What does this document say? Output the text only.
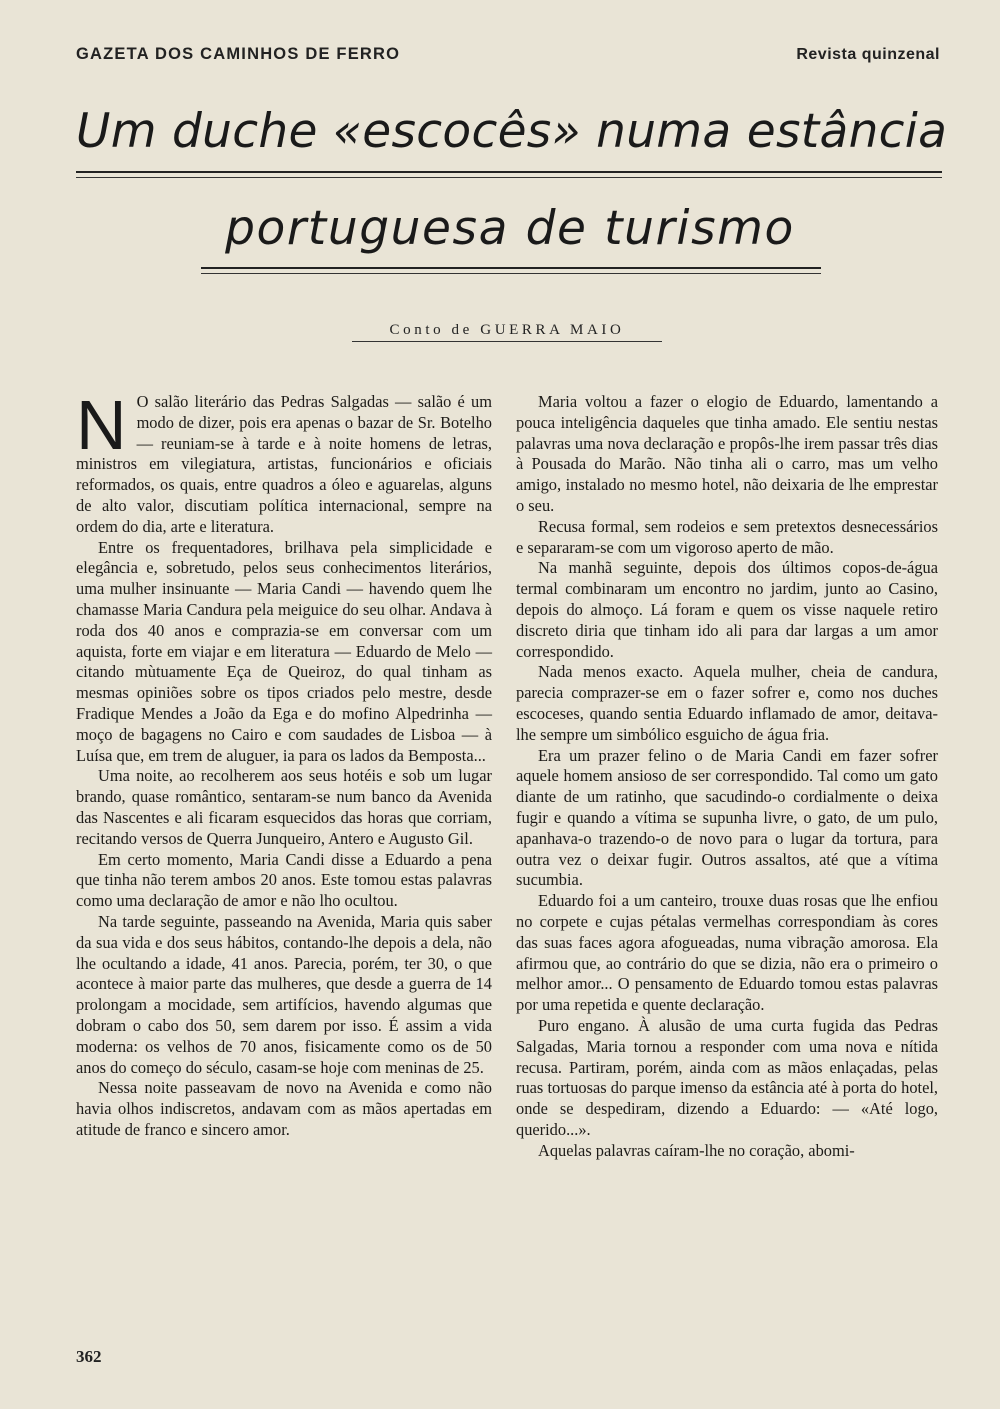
GAZETA DOS CAMINHOS DE FERRO	Revista quinzenal
Um duche «escocês» numa estância
portuguesa de turismo
Conto de GUERRA MAIO

N O salão literário das Pedras Salgadas — salão é um modo de dizer, pois era apenas o bazar de Sr. Botelho — reuniam-se à tarde e à noite homens de letras, ministros em vilegiatura, artistas, funcionários e oficiais reformados, os quais, entre quadros a óleo e aguarelas, alguns de alto valor, discutiam política internacional, sempre na ordem do dia, arte e literatura.

Entre os frequentadores, brilhava pela simplicidade e elegância e, sobretudo, pelos seus conhecimentos literários, uma mulher insinuante — Maria Candi — havendo quem lhe chamasse Maria Candura pela meiguice do seu olhar. Andava à roda dos 40 anos e comprazia-se em conversar com um aquista, forte em viajar e em literatura — Eduardo de Melo — citando mùtuamente Eça de Queiroz, do qual tinham as mesmas opiniões sobre os tipos criados pelo mestre, desde Fradique Mendes a João da Ega e do mofino Alpedrinha — moço de bagagens no Cairo e com saudades de Lisboa — à Luísa que, em trem de aluguer, ia para os lados da Bemposta...

Uma noite, ao recolherem aos seus hotéis e sob um lugar brando, quase romântico, sentaram-se num banco da Avenida das Nascentes e ali ficaram esquecidos das horas que corriam, recitando versos de Querra Junqueiro, Antero e Augusto Gil.

Em certo momento, Maria Candi disse a Eduardo a pena que tinha não terem ambos 20 anos. Este tomou estas palavras como uma declaração de amor e não lho ocultou.

Na tarde seguinte, passeando na Avenida, Maria quis saber da sua vida e dos seus hábitos, contando-lhe depois a dela, não lhe ocultando a idade, 41 anos. Parecia, porém, ter 30, o que acontece à maior parte das mulheres, que desde a guerra de 14 prolongam a mocidade, sem artifícios, havendo algumas que dobram o cabo dos 50, sem darem por isso. É assim a vida moderna: os velhos de 70 anos, fisicamente como os de 50 anos do começo do século, casam-se hoje com meninas de 25.

Nessa noite passeavam de novo na Avenida e como não havia olhos indiscretos, andavam com as mãos apertadas em atitude de franco e sincero amor.

Maria voltou a fazer o elogio de Eduardo, lamentando a pouca inteligência daqueles que tinha amado. Ele sentiu nestas palavras uma nova declaração e propôs-lhe irem passar três dias à Pousada do Marão. Não tinha ali o carro, mas um velho amigo, instalado no mesmo hotel, não deixaria de lhe emprestar o seu.

Recusa formal, sem rodeios e sem pretextos desnecessários e separaram-se com um vigoroso aperto de mão.

Na manhã seguinte, depois dos últimos copos-de-água termal combinaram um encontro no jardim, junto ao Casino, depois do almoço. Lá foram e quem os visse naquele retiro discreto diria que tinham ido ali para dar largas a um amor correspondido.

Nada menos exacto. Aquela mulher, cheia de candura, parecia comprazer-se em o fazer sofrer e, como nos duches escoceses, quando sentia Eduardo inflamado de amor, deitava-lhe sempre um simbólico esguicho de água fria.

Era um prazer felino o de Maria Candi em fazer sofrer aquele homem ansioso de ser correspondido. Tal como um gato diante de um ratinho, que sacudindo-o cordialmente o deixa fugir e quando a vítima se supunha livre, o gato, de um pulo, apanhava-o trazendo-o de novo para o lugar da tortura, para outra vez o deixar fugir. Outros assaltos, até que a vítima sucumbia.

Eduardo foi a um canteiro, trouxe duas rosas que lhe enfiou no corpete e cujas pétalas vermelhas correspondiam às cores das suas faces agora afogueadas, numa vibração amorosa. Ela afirmou que, ao contrário do que se dizia, não era o primeiro o melhor amor... O pensamento de Eduardo tomou estas palavras por uma repetida e quente declaração.

Puro engano. À alusão de uma curta fugida das Pedras Salgadas, Maria tornou a responder com uma nova e nítida recusa. Partiram, porém, ainda com as mãos enlaçadas, pelas ruas tortuosas do parque imenso da estância até à porta do hotel, onde se despediram, dizendo a Eduardo: — «Até logo, querido...».

Aquelas palavras caíram-lhe no coração, abomi-

362
